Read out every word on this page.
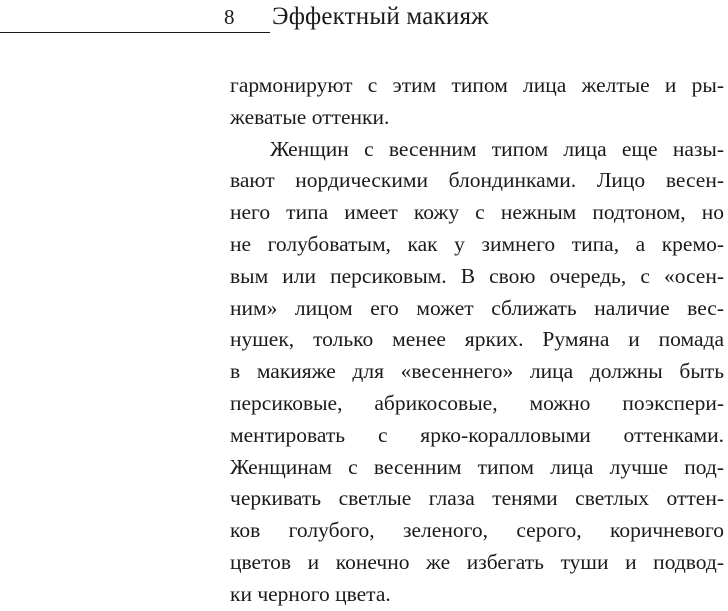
8 Эффектный макияж
гармонируют с этим типом лица желтые и ры-
жеватые оттенки.
Женщин с весенним типом лица еще назы-
вают нордическими блондинками. Лицо весен-
него типа имеет кожу с нежным подтоном, но
не голубоватым, как у зимнего типа, а кремо-
вым или персиковым. В свою очередь, с «осен-
ним» лицом его может сближать наличие вес-
нушек, только менее ярких. Румяна и помада
в макияже для «весеннего» лица должны быть
персиковые, абрикосовые, можно поэкспери-
ментировать с ярко-коралловыми оттенками.
Женщинам с весенним типом лица лучше под-
черкивать светлые глаза тенями светлых оттен-
ков голубого, зеленого, серого, коричневого
цветов и конечно же избегать туши и подвод-
ки черного цвета.
